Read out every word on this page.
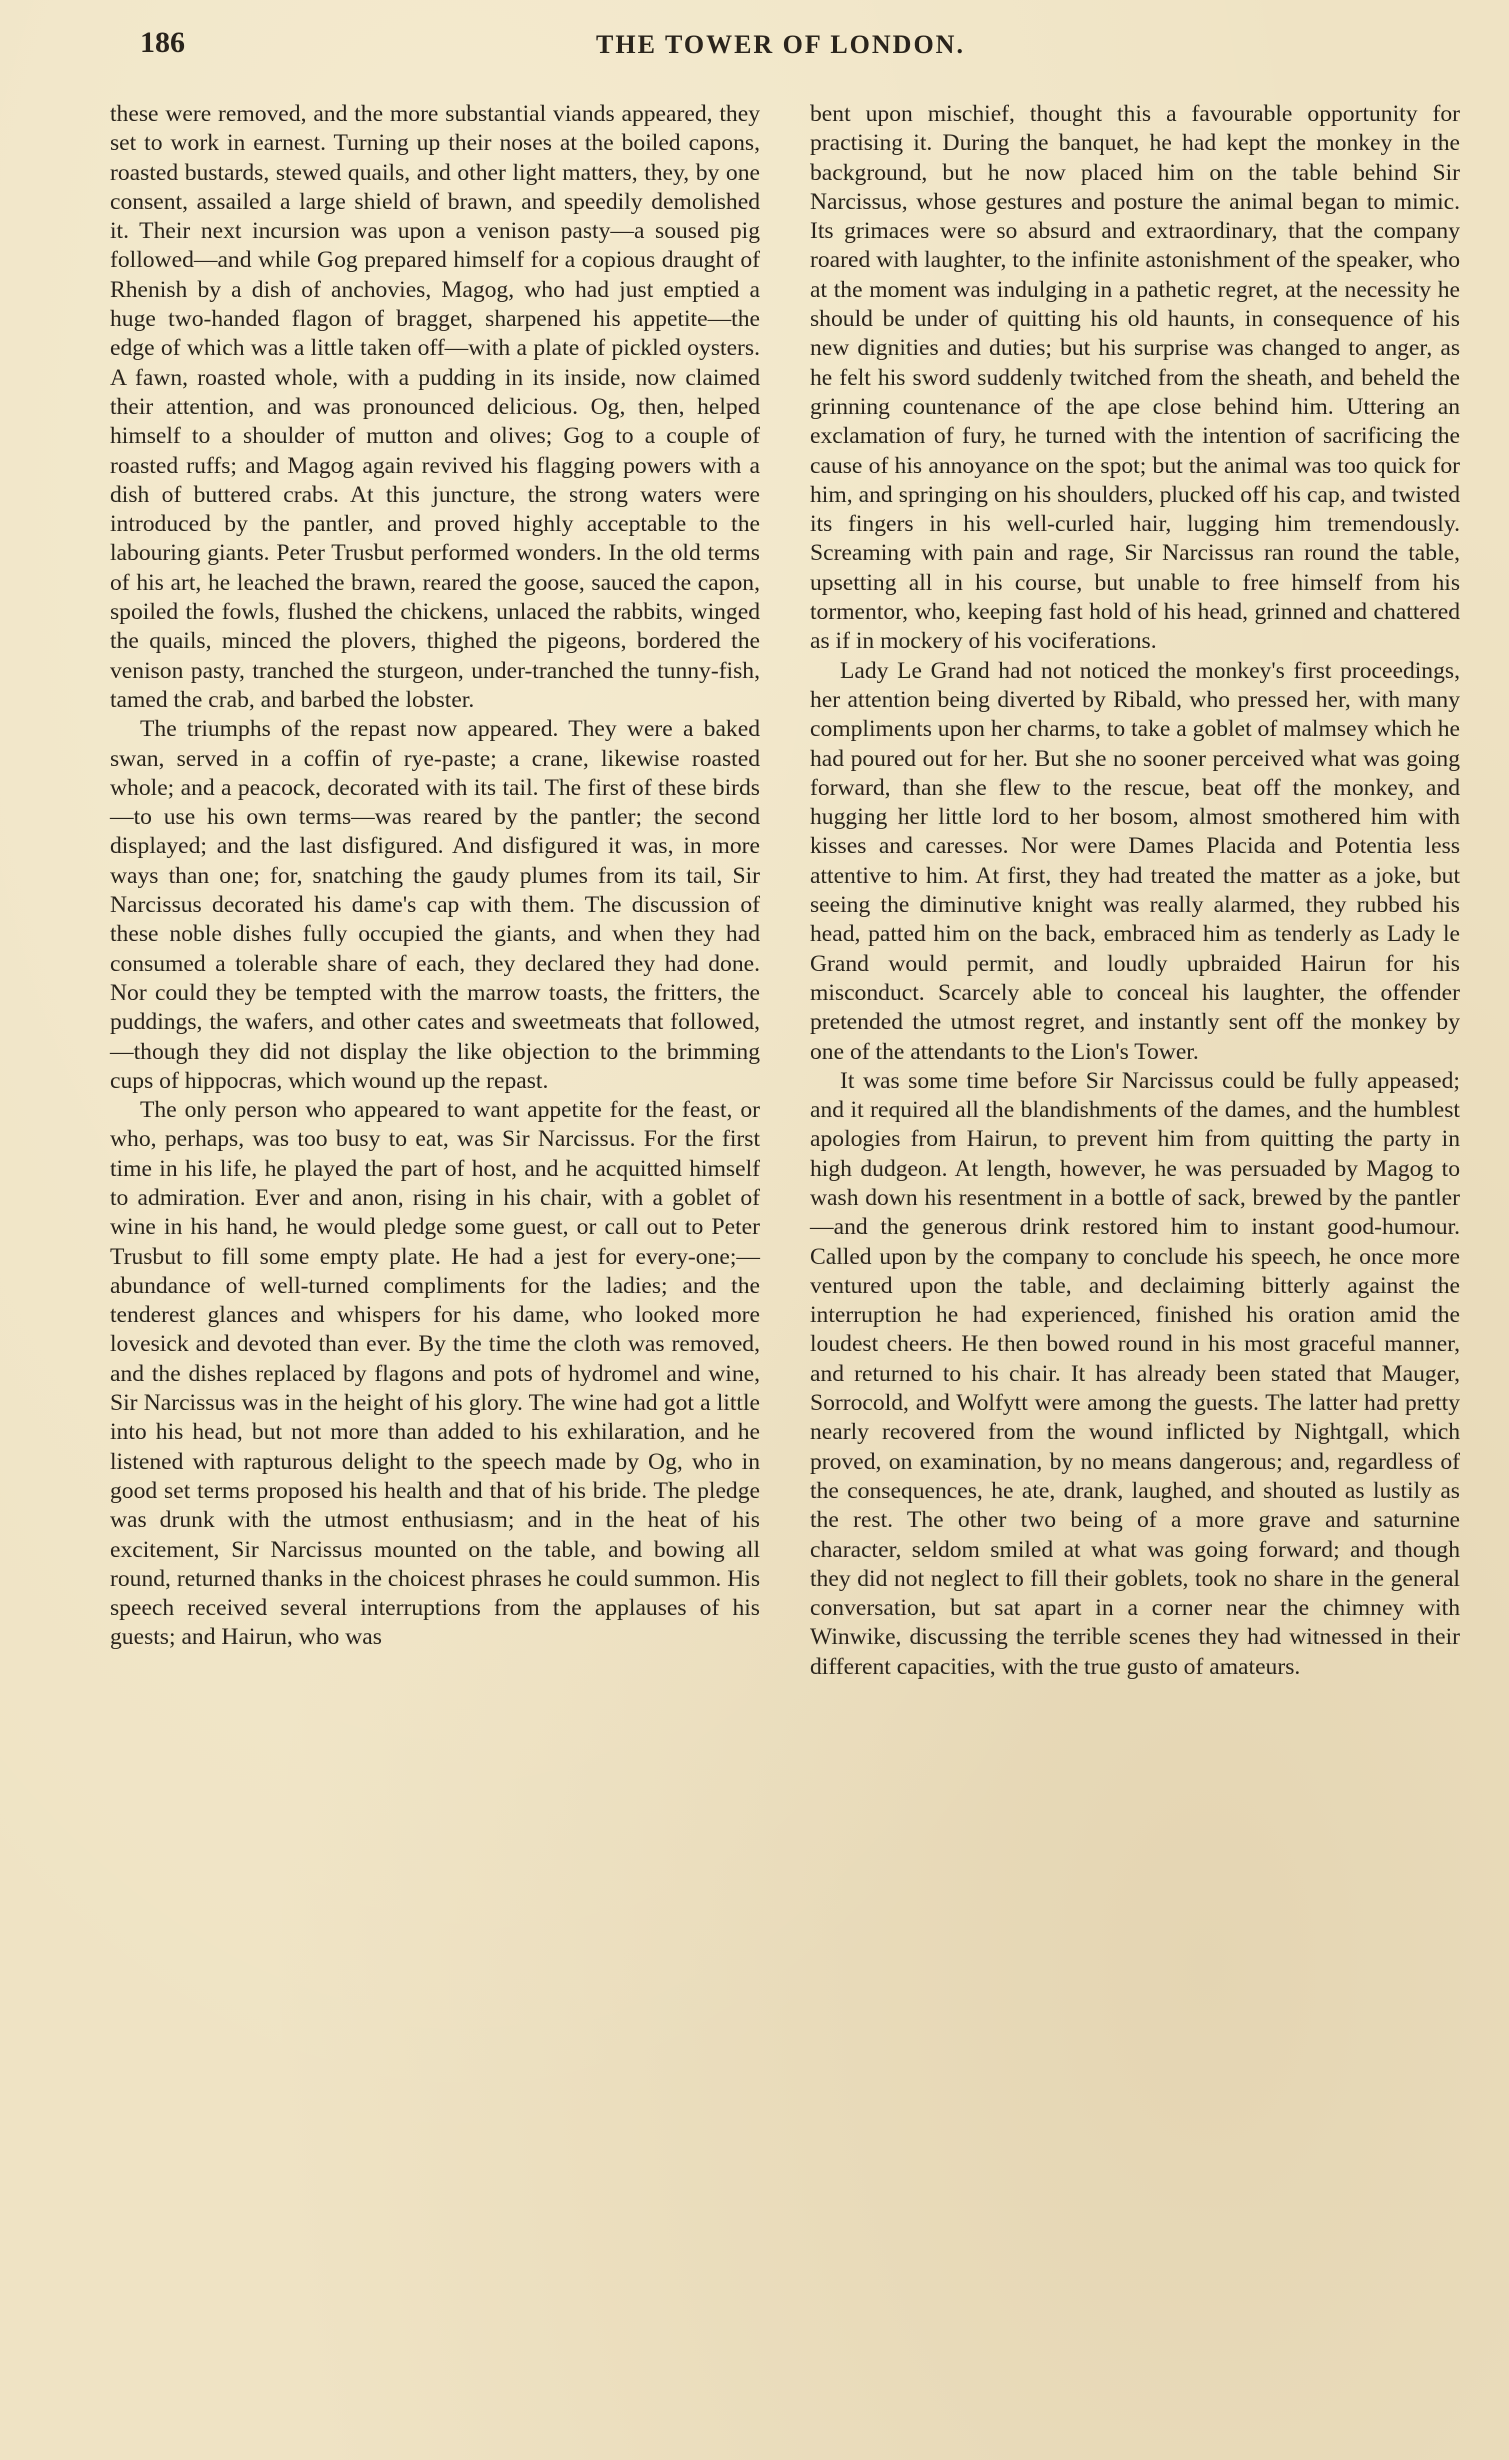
186	THE TOWER OF LONDON.

these were removed, and the more substantial viands appeared, they set to work in earnest. Turning up their noses at the boiled capons, roasted bustards, stewed quails, and other light matters, they, by one consent, assailed a large shield of brawn, and speedily demolished it. Their next incursion was upon a venison pasty—a soused pig followed—and while Gog prepared himself for a copious draught of Rhenish by a dish of anchovies, Magog, who had just emptied a huge two-handed flagon of bragget, sharpened his appetite—the edge of which was a little taken off—with a plate of pickled oysters. A fawn, roasted whole, with a pudding in its inside, now claimed their attention, and was pronounced delicious. Og, then, helped himself to a shoulder of mutton and olives; Gog to a couple of roasted ruffs; and Magog again revived his flagging powers with a dish of buttered crabs. At this juncture, the strong waters were introduced by the pantler, and proved highly acceptable to the labouring giants. Peter Trusbut performed wonders. In the old terms of his art, he leached the brawn, reared the goose, sauced the capon, spoiled the fowls, flushed the chickens, unlaced the rabbits, winged the quails, minced the plovers, thighed the pigeons, bordered the venison pasty, tranched the sturgeon, under-tranched the tunny-fish, tamed the crab, and barbed the lobster.

The triumphs of the repast now appeared. They were a baked swan, served in a coffin of rye-paste; a crane, likewise roasted whole; and a peacock, decorated with its tail. The first of these birds—to use his own terms—was reared by the pantler; the second displayed; and the last disfigured. And disfigured it was, in more ways than one; for, snatching the gaudy plumes from its tail, Sir Narcissus decorated his dame's cap with them. The discussion of these noble dishes fully occupied the giants, and when they had consumed a tolerable share of each, they declared they had done. Nor could they be tempted with the marrow toasts, the fritters, the puddings, the wafers, and other cates and sweetmeats that followed,—though they did not display the like objection to the brimming cups of hippocras, which wound up the repast.

The only person who appeared to want appetite for the feast, or who, perhaps, was too busy to eat, was Sir Narcissus. For the first time in his life, he played the part of host, and he acquitted himself to admiration. Ever and anon, rising in his chair, with a goblet of wine in his hand, he would pledge some guest, or call out to Peter Trusbut to fill some empty plate. He had a jest for every-one;—abundance of well-turned compliments for the ladies; and the tenderest glances and whispers for his dame, who looked more lovesick and devoted than ever. By the time the cloth was removed, and the dishes replaced by flagons and pots of hydromel and wine, Sir Narcissus was in the height of his glory. The wine had got a little into his head, but not more than added to his exhilaration, and he listened with rapturous delight to the speech made by Og, who in good set terms proposed his health and that of his bride. The pledge was drunk with the utmost enthusiasm; and in the heat of his excitement, Sir Narcissus mounted on the table, and bowing all round, returned thanks in the choicest phrases he could summon. His speech received several interruptions from the applauses of his guests; and Hairun, who was

bent upon mischief, thought this a favourable opportunity for practising it. During the banquet, he had kept the monkey in the background, but he now placed him on the table behind Sir Narcissus, whose gestures and posture the animal began to mimic. Its grimaces were so absurd and extraordinary, that the company roared with laughter, to the infinite astonishment of the speaker, who at the moment was indulging in a pathetic regret, at the necessity he should be under of quitting his old haunts, in consequence of his new dignities and duties; but his surprise was changed to anger, as he felt his sword suddenly twitched from the sheath, and beheld the grinning countenance of the ape close behind him. Uttering an exclamation of fury, he turned with the intention of sacrificing the cause of his annoyance on the spot; but the animal was too quick for him, and springing on his shoulders, plucked off his cap, and twisted its fingers in his well-curled hair, lugging him tremendously. Screaming with pain and rage, Sir Narcissus ran round the table, upsetting all in his course, but unable to free himself from his tormentor, who, keeping fast hold of his head, grinned and chattered as if in mockery of his vociferations.

Lady Le Grand had not noticed the monkey's first proceedings, her attention being diverted by Ribald, who pressed her, with many compliments upon her charms, to take a goblet of malmsey which he had poured out for her. But she no sooner perceived what was going forward, than she flew to the rescue, beat off the monkey, and hugging her little lord to her bosom, almost smothered him with kisses and caresses. Nor were Dames Placida and Potentia less attentive to him. At first, they had treated the matter as a joke, but seeing the diminutive knight was really alarmed, they rubbed his head, patted him on the back, embraced him as tenderly as Lady le Grand would permit, and loudly upbraided Hairun for his misconduct. Scarcely able to conceal his laughter, the offender pretended the utmost regret, and instantly sent off the monkey by one of the attendants to the Lion's Tower.

It was some time before Sir Narcissus could be fully appeased; and it required all the blandishments of the dames, and the humblest apologies from Hairun, to prevent him from quitting the party in high dudgeon. At length, however, he was persuaded by Magog to wash down his resentment in a bottle of sack, brewed by the pantler—and the generous drink restored him to instant good-humour. Called upon by the company to conclude his speech, he once more ventured upon the table, and declaiming bitterly against the interruption he had experienced, finished his oration amid the loudest cheers. He then bowed round in his most graceful manner, and returned to his chair. It has already been stated that Mauger, Sorrocold, and Wolfytt were among the guests. The latter had pretty nearly recovered from the wound inflicted by Nightgall, which proved, on examination, by no means dangerous; and, regardless of the consequences, he ate, drank, laughed, and shouted as lustily as the rest. The other two being of a more grave and saturnine character, seldom smiled at what was going forward; and though they did not neglect to fill their goblets, took no share in the general conversation, but sat apart in a corner near the chimney with Winwike, discussing the terrible scenes they had witnessed in their different capacities, with the true gusto of amateurs.
